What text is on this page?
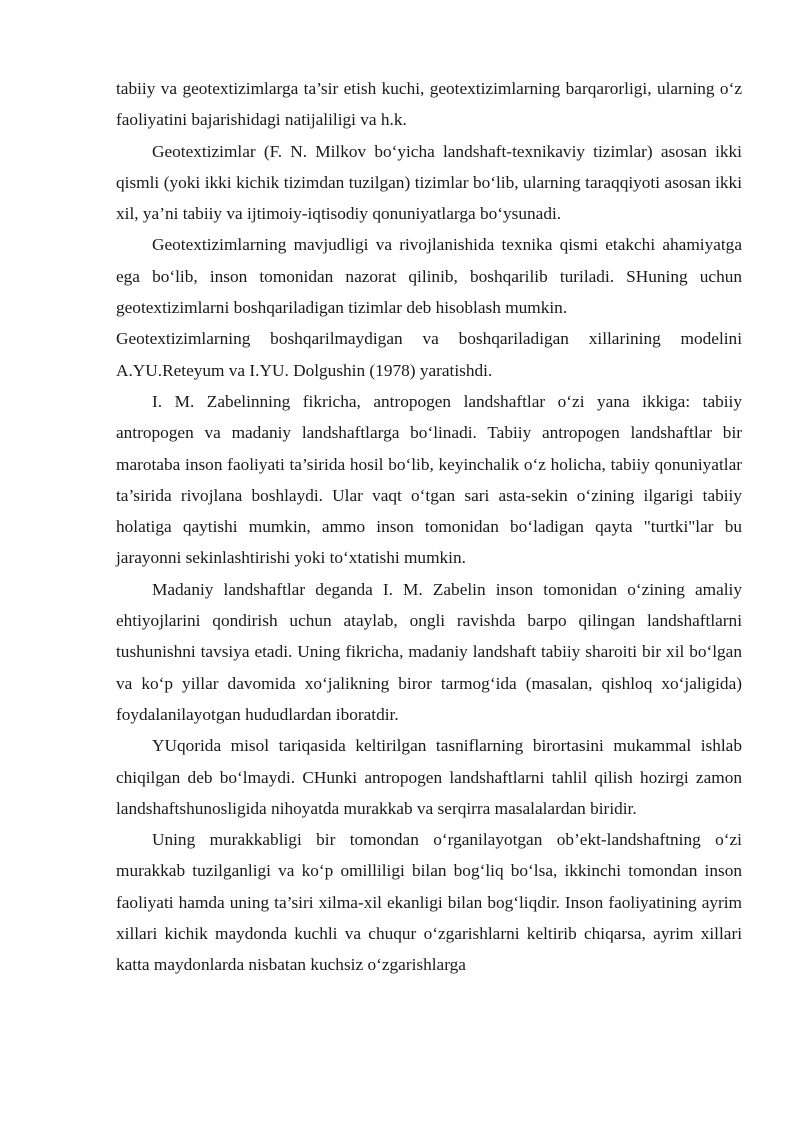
tabiiy va geotextizimlarga ta’sir etish kuchi, geotextizimlarning barqarorligi, ularning o‘z faoliyatini bajarishidagi natijaliligi va h.k.

Geotextizimlar (F. N. Milkov bo‘yicha landshaft-texnikaviy tizimlar) asosan ikki qismli (yoki ikki kichik tizimdan tuzilgan) tizimlar bo‘lib, ularning taraqqiyoti asosan ikki xil, ya’ni tabiiy va ijtimoiy-iqtisodiy qonuniyatlarga bo‘ysunadi.

Geotextizimlarning mavjudligi va rivojlanishida texnika qismi etakchi ahamiyatga ega bo‘lib, inson tomonidan nazorat qilinib, boshqarilib turiladi. SHuning uchun geotextizimlarni boshqariladigan tizimlar deb hisoblash mumkin.

Geotextizimlarning boshqarilmaydigan va boshqariladigan xillarining modelini A.YU.Reteyum va I.YU. Dolgushin (1978) yaratishdi.

I. M. Zabelinning fikricha, antropogen landshaftlar o‘zi yana ikkiga: tabiiy antropogen va madaniy landshaftlarga bo‘linadi. Tabiiy antropogen landshaftlar bir marotaba inson faoliyati ta’sirida hosil bo‘lib, keyinchalik o‘z holicha, tabiiy qonuniyatlar ta’sirida rivojlana boshlaydi. Ular vaqt o‘tgan sari asta-sekin o‘zining ilgarigi tabiiy holatiga qaytishi mumkin, ammo inson tomonidan bo‘ladigan qayta "turtki"lar bu jarayonni sekinlashtirishi yoki to‘xtatishi mumkin.

Madaniy landshaftlar deganda I. M. Zabelin inson tomonidan o‘zining amaliy ehtiyojlarini qondirish uchun ataylab, ongli ravishda barpo qilingan landshaftlarni tushunishni tavsiya etadi. Uning fikricha, madaniy landshaft tabiiy sharoiti bir xil bo‘lgan va ko‘p yillar davomida xo‘jalikning biror tarmog‘ida (masalan, qishloq xo‘jaligida) foydalanilayotgan hududlardan iboratdir.

YUqorida misol tariqasida keltirilgan tasniflarning birortasini mukammal ishlab chiqilgan deb bo‘lmaydi. CHunki antropogen landshaftlarni tahlil qilish hozirgi zamon landshaftshunosligida nihoyatda murakkab va serqirra masalalardan biridir.

Uning murakkabligi bir tomondan o‘rganilayotgan ob’ekt-landshaftning o‘zi murakkab tuzilganligi va ko‘p omilliligi bilan bog‘liq bo‘lsa, ikkinchi tomondan inson faoliyati hamda uning ta’siri xilma-xil ekanligi bilan bog‘liqdir. Inson faoliyatining ayrim xillari kichik maydonda kuchli va chuqur o‘zgarishlarni keltirib chiqarsa, ayrim xillari katta maydonlarda nisbatan kuchsiz o‘zgarishlarga
